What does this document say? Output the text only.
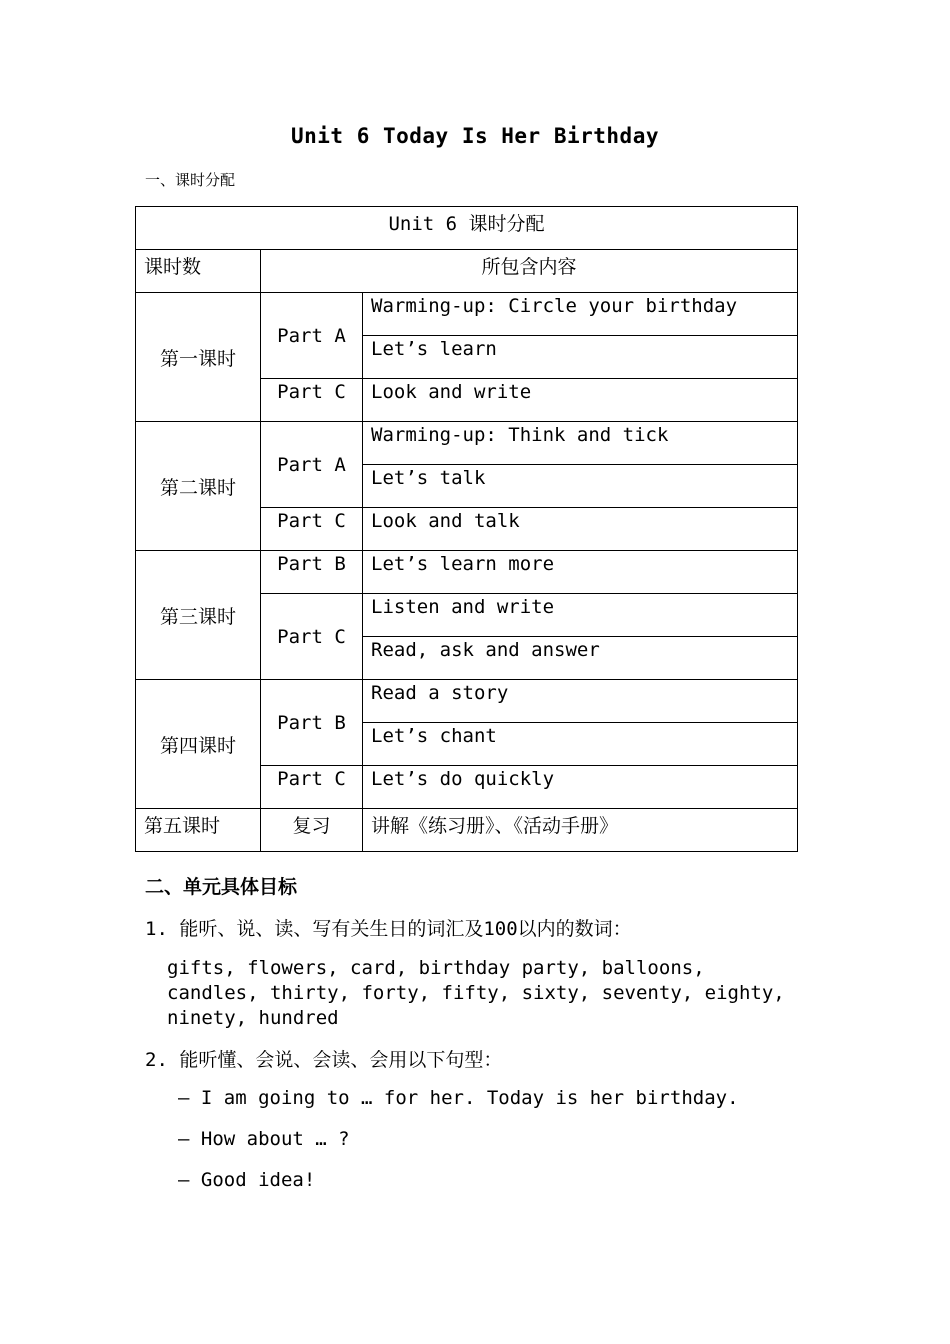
Unit 6 Today Is Her Birthday
一、课时分配
Unit 6 课时分配		
课时数	所包含内容	
第一课时	Part A	Warming-up: Circle your birthday
		Let’s learn
	Part C	Look and write
第二课时	Part A	Warming-up: Think and tick
		Let’s talk
	Part C	Look and talk
第三课时	Part B	Let’s learn more
	Part C	Listen and write
		Read, ask and answer
第四课时	Part B	Read a story
		Let’s chant
	Part C	Let’s do quickly
第五课时	复习	讲解《练习册》、《活动手册》
二、单元具体目标
1. 能听、说、读、写有关生日的词汇及100以内的数词：
gifts, flowers, card, birthday party, balloons, candles, thirty, forty, fifty, sixty, seventy, eighty, ninety, hundred
2. 能听懂、会说、会读、会用以下句型：
— I am going to … for her. Today is her birthday.
— How about … ?
— Good idea!
